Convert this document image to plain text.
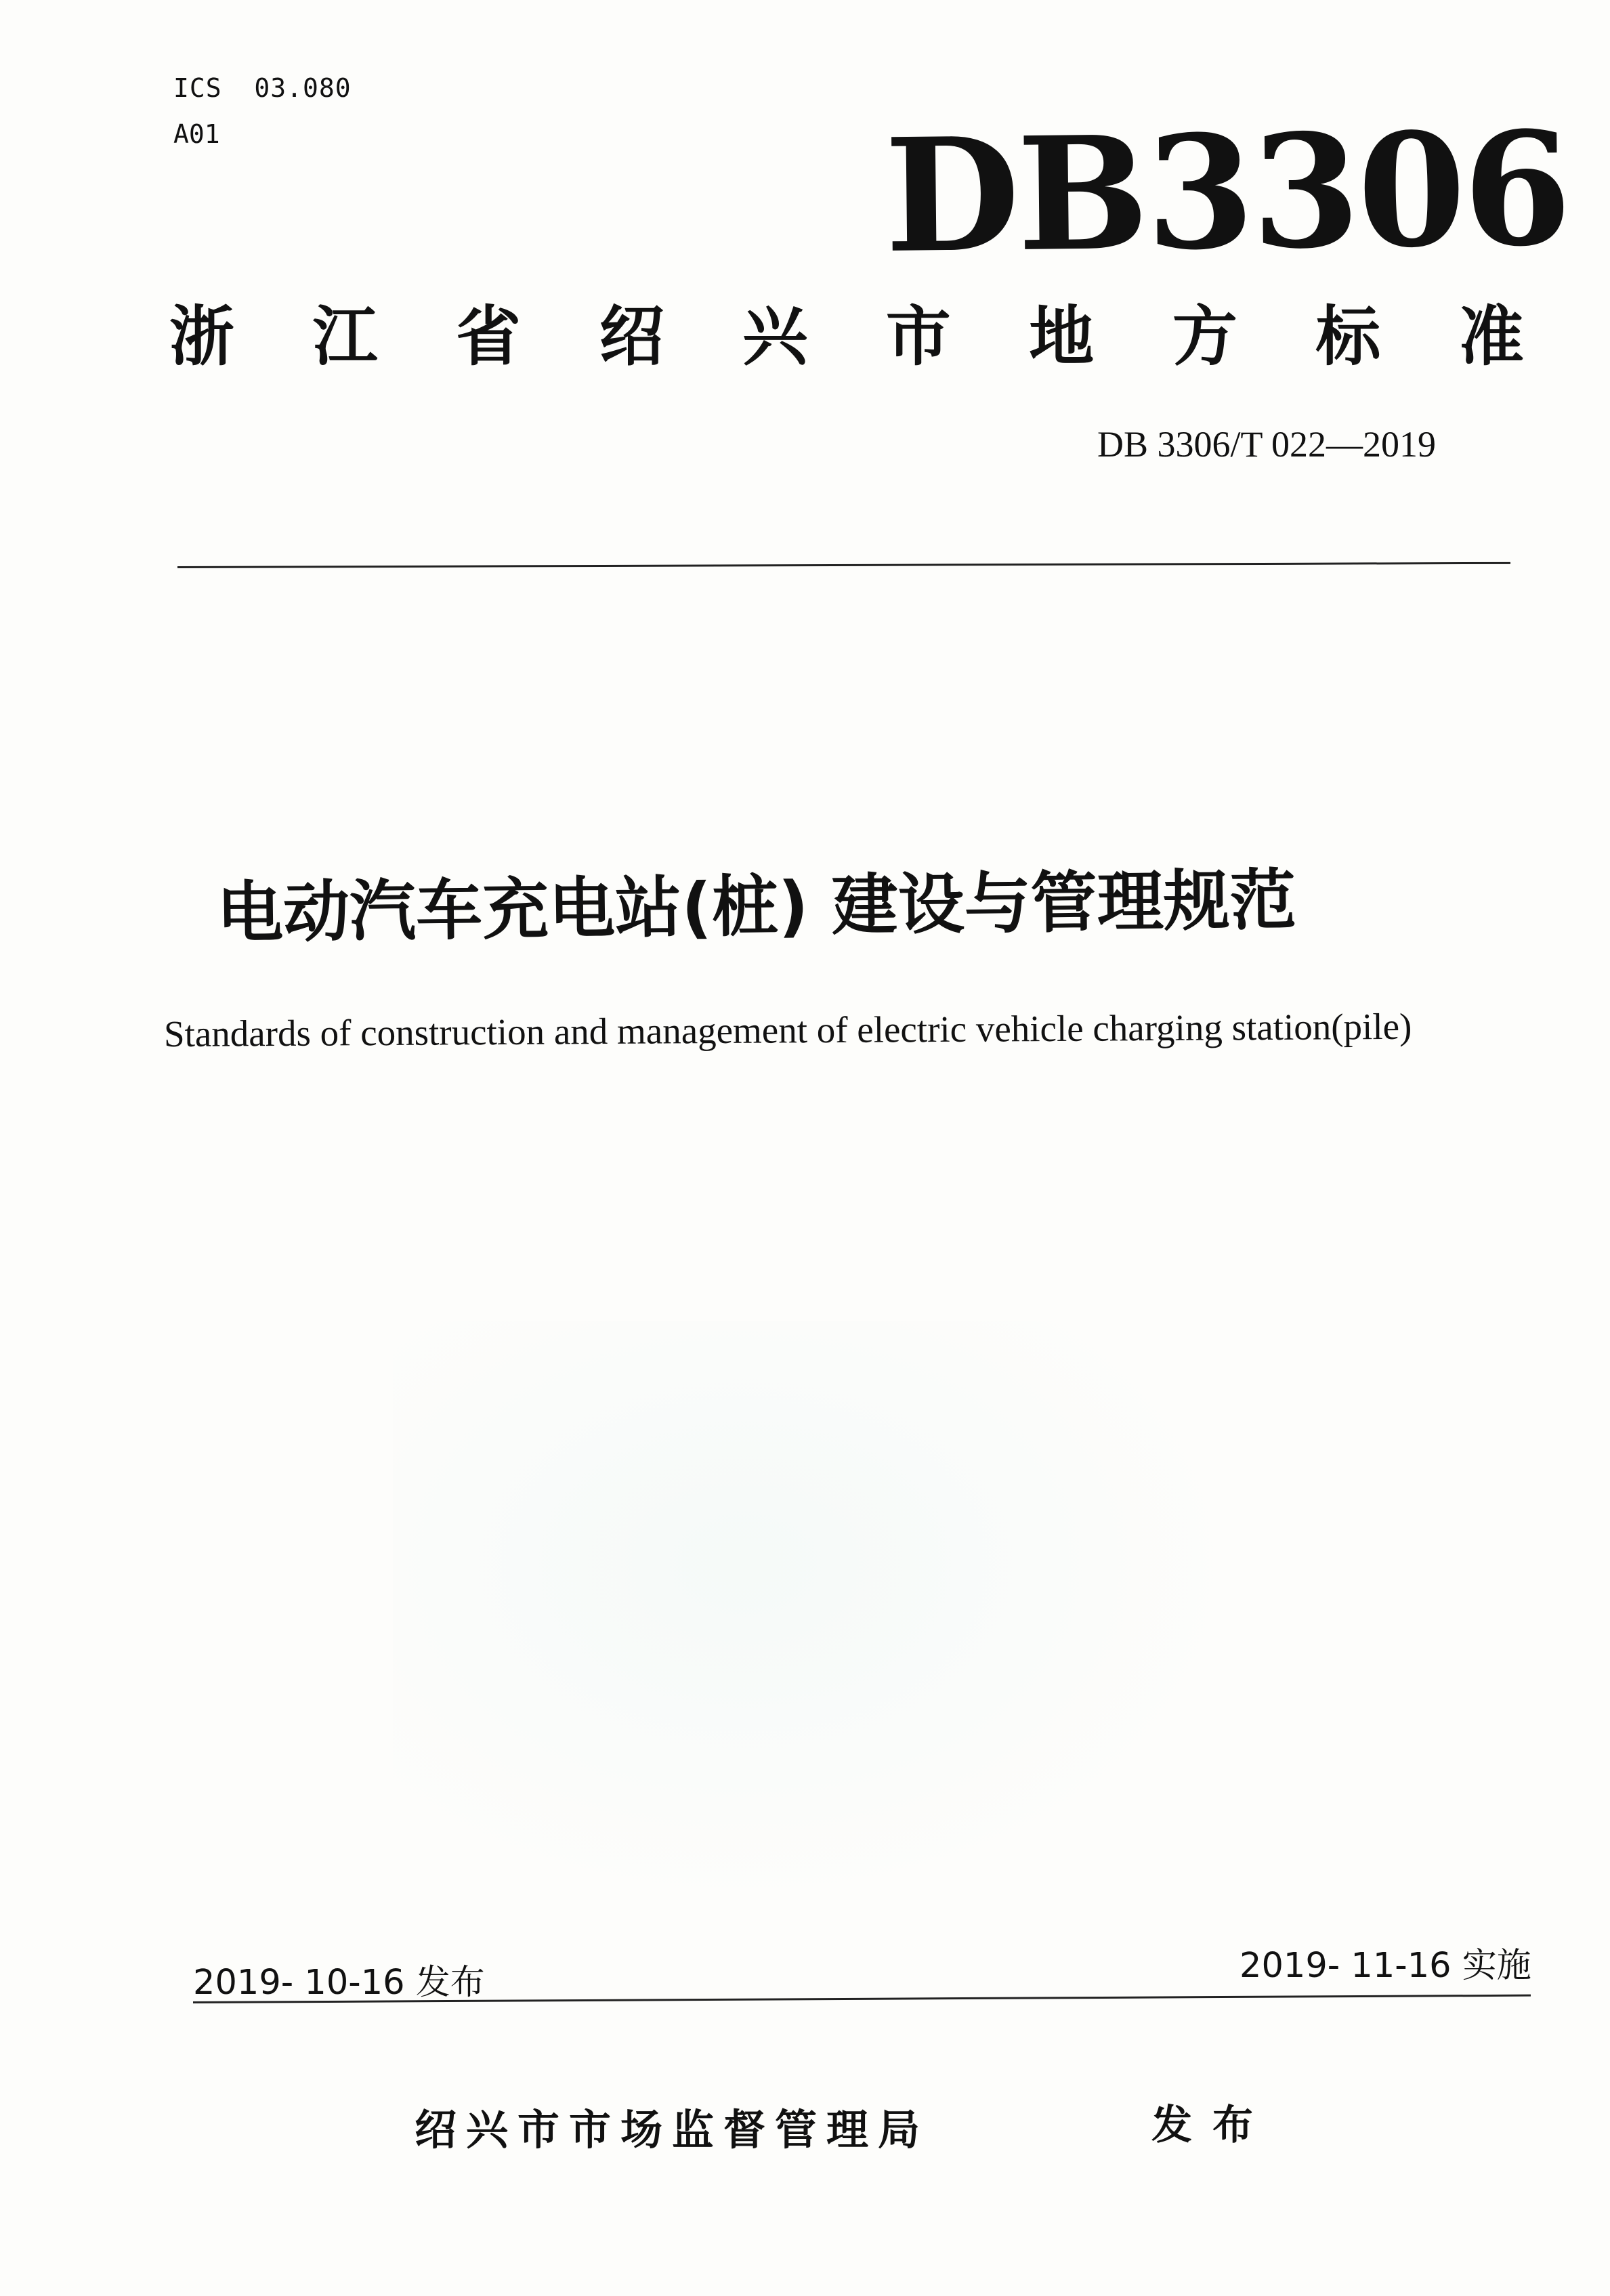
ICS 03.080
A01	DB3306
浙 江 省 绍 兴 市 地 方 标 准
DB 3306/T 022—2019
电动汽车充电站(桩) 建设与管理规范
Standards of construction and management of electric vehicle charging station(pile)
2019- 10-16 发布	2019- 11-16 实施
绍兴市市场监督管理局	发布
